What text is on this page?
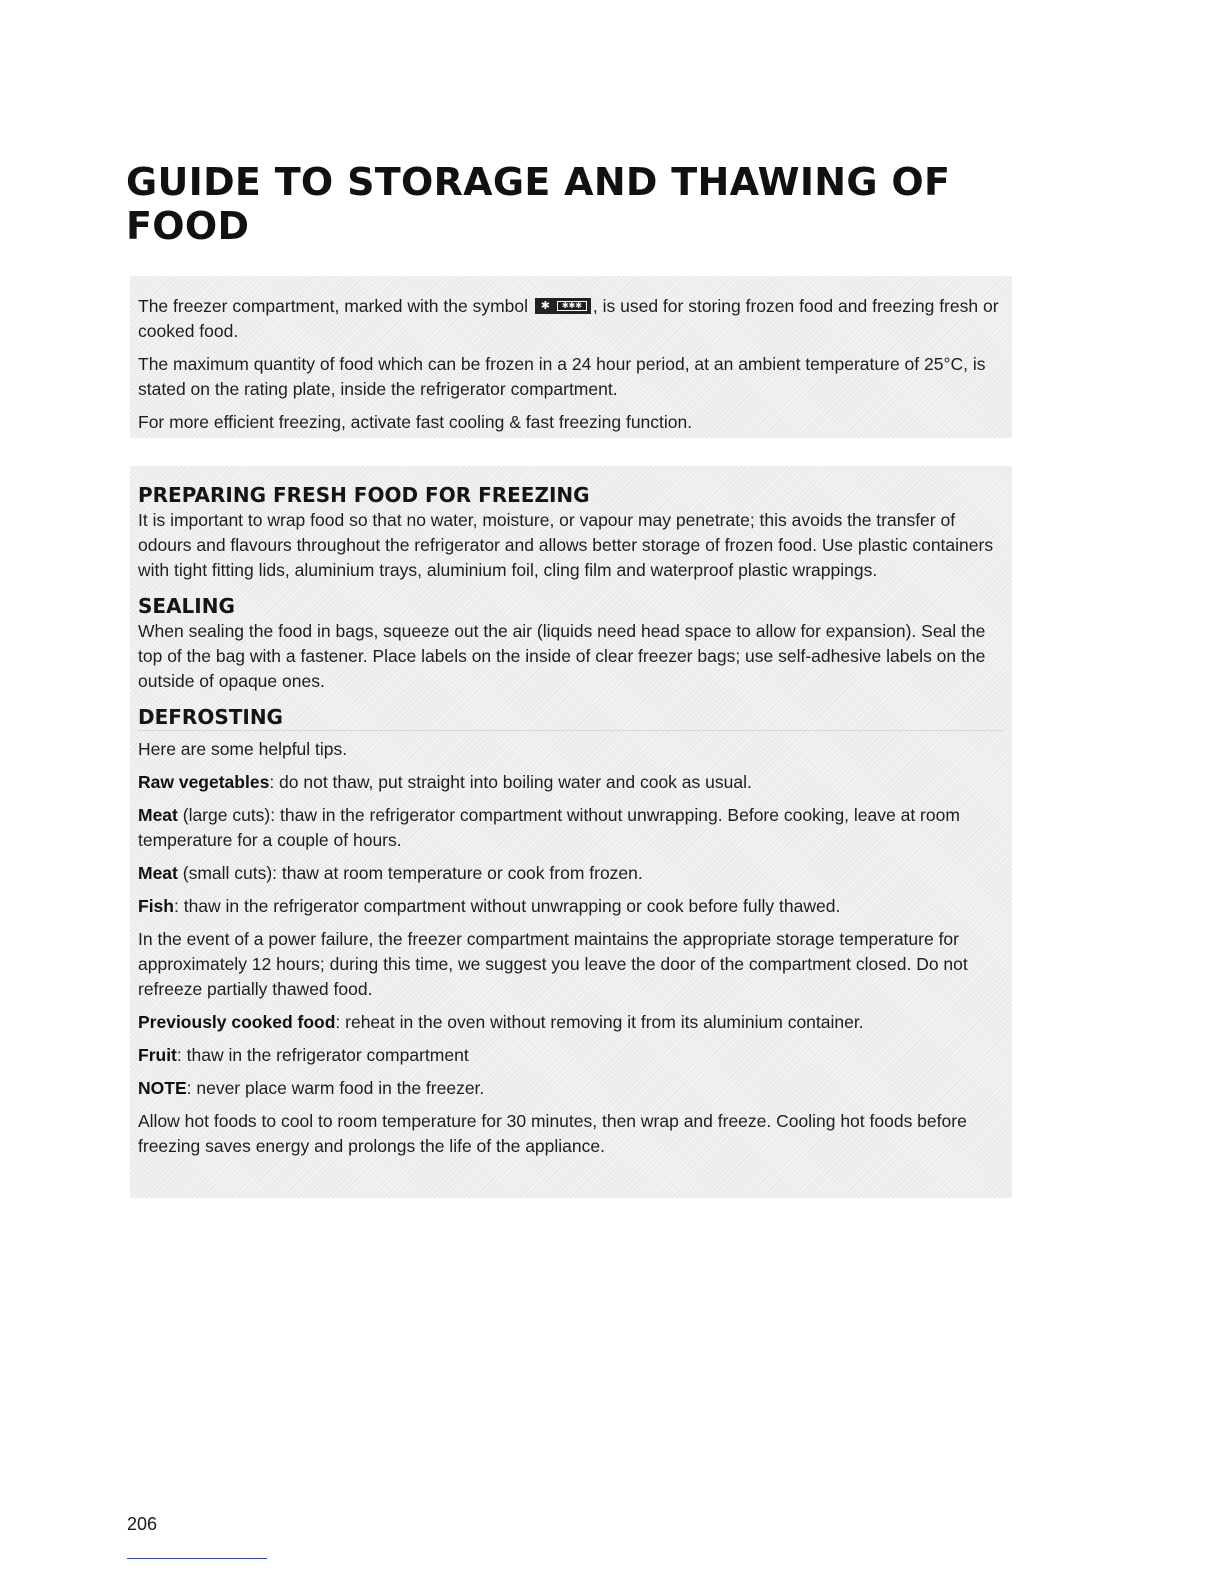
GUIDE TO STORAGE AND THAWING OF FOOD

The freezer compartment, marked with the symbol	✱	✱✱✱ , is used for storing frozen food and freezing fresh or cooked food.

The maximum quantity of food which can be frozen in a 24 hour period, at an ambient temperature of 25°C, is stated on the rating plate, inside the refrigerator compartment.

For more efficient freezing, activate fast cooling & fast freezing function.

PREPARING FRESH FOOD FOR FREEZING

It is important to wrap food so that no water, moisture, or vapour may penetrate; this avoids the transfer of odours and flavours throughout the refrigerator and allows better storage of frozen food. Use plastic containers with tight fitting lids, aluminium trays, aluminium foil, cling film and waterproof plastic wrappings.

SEALING

When sealing the food in bags, squeeze out the air (liquids need head space to allow for expansion). Seal the top of the bag with a fastener. Place labels on the inside of clear freezer bags; use self-adhesive labels on the outside of opaque ones.

DEFROSTING

Here are some helpful tips.

Raw vegetables: do not thaw, put straight into boiling water and cook as usual.

Meat (large cuts): thaw in the refrigerator compartment without unwrapping. Before cooking, leave at room temperature for a couple of hours.

Meat (small cuts): thaw at room temperature or cook from frozen.

Fish: thaw in the refrigerator compartment without unwrapping or cook before fully thawed.

In the event of a power failure, the freezer compartment maintains the appropriate storage temperature for approximately 12 hours; during this time, we suggest you leave the door of the compartment closed. Do not refreeze partially thawed food.

Previously cooked food: reheat in the oven without removing it from its aluminium container.

Fruit: thaw in the refrigerator compartment

NOTE: never place warm food in the freezer.

Allow hot foods to cool to room temperature for 30 minutes, then wrap and freeze. Cooling hot foods before freezing saves energy and prolongs the life of the appliance.

206
